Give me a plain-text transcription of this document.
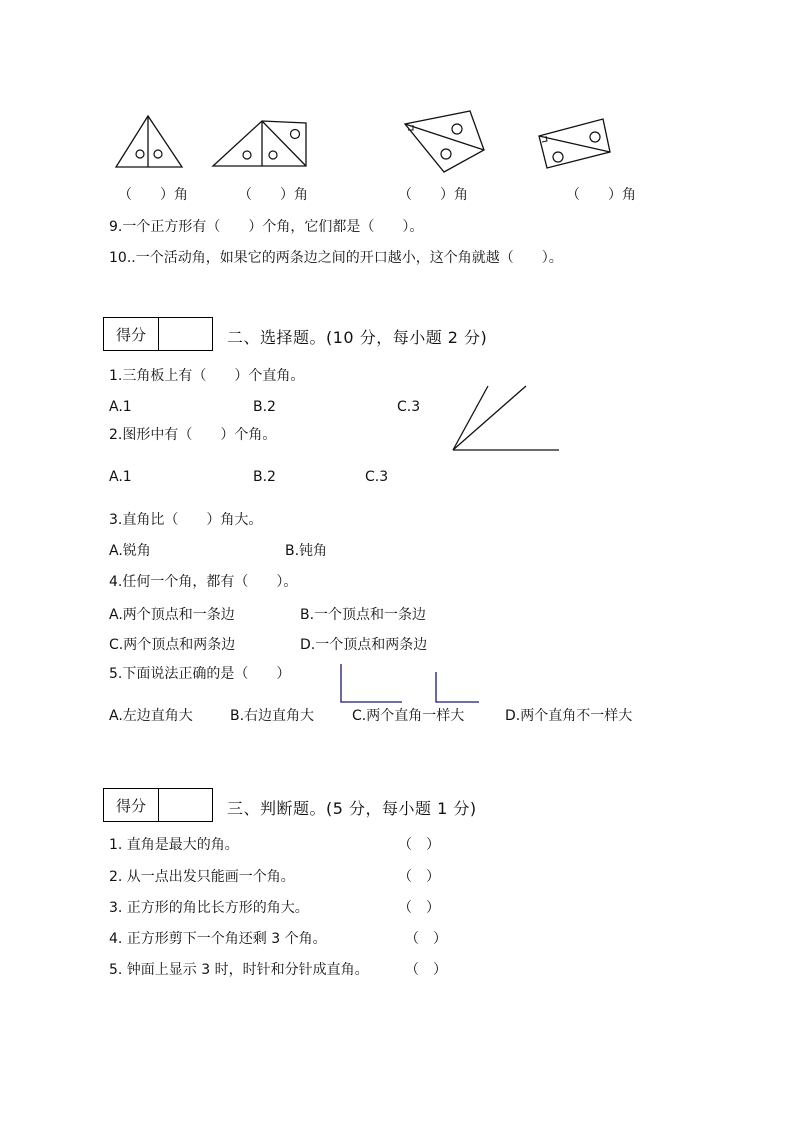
（　　）角	（　　）角	（　　）角	（　　）角
9.一个正方形有（　　）个角，它们都是（　　）。
10..一个活动角，如果它的两条边之间的开口越小，这个角就越（　　）。
得分	二、选择题。(10 分，每小题 2 分)
1.三角板上有（　　）个直角。
A.1	B.2	C.3
2.图形中有（　　）个角。
A.1	B.2	C.3
3.直角比（　　）角大。
A.锐角	B.钝角
4.任何一个角，都有（　　）。
A.两个顶点和一条边	B.一个顶点和一条边
C.两个顶点和两条边	D.一个顶点和两条边
5.下面说法正确的是（　　）
A.左边直角大	B.右边直角大	C.两个直角一样大	D.两个直角不一样大
得分	三、判断题。(5 分，每小题 1 分)
1. 直角是最大的角。	（　）
2. 从一点出发只能画一个角。	（　）
3. 正方形的角比长方形的角大。	（　）
4. 正方形剪下一个角还剩 3 个角。	（　）
5. 钟面上显示 3 时，时针和分针成直角。	（　）
